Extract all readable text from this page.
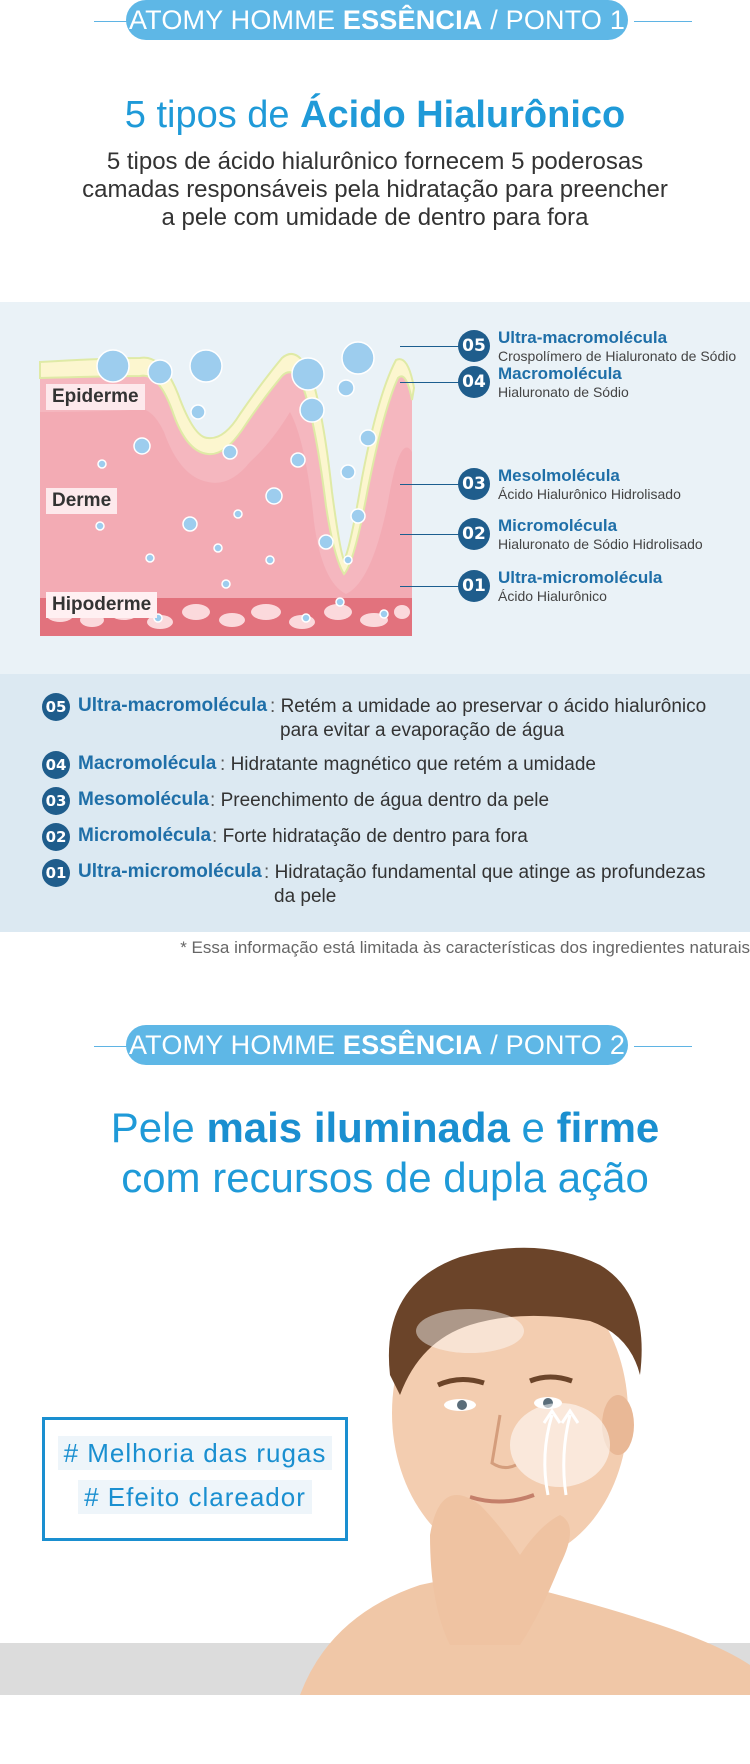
ATOMY HOMME ESSÊNCIA / PONTO 1
5 tipos de Ácido Hialurônico
5 tipos de ácido hialurônico fornecem 5 poderosas
camadas responsáveis pela hidratação para preencher
a pele com umidade de dentro para fora
Epiderme
Derme
Hipoderme
05 Ultra-macromolécula
Crospolímero de Hialuronato de Sódio
04 Macromolécula
Hialuronato de Sódio
03 Mesolmolécula
Ácido Hialurônico Hidrolisado
02 Micromolécula
Hialuronato de Sódio Hidrolisado
01 Ultra-micromolécula
Ácido Hialurônico
05 Ultra-macromolécula : Retém a umidade ao preservar o ácido hialurônico
para evitar a evaporação de água
04 Macromolécula : Hidratante magnético que retém a umidade
03 Mesomolécula : Preenchimento de água dentro da pele
02 Micromolécula : Forte hidratação de dentro para fora
01 Ultra-micromolécula : Hidratação fundamental que atinge as profundezas
da pele
* Essa informação está limitada às características dos ingredientes naturais
ATOMY HOMME ESSÊNCIA / PONTO 2
Pele mais iluminada e firme
com recursos de dupla ação
# Melhoria das rugas
# Efeito clareador
